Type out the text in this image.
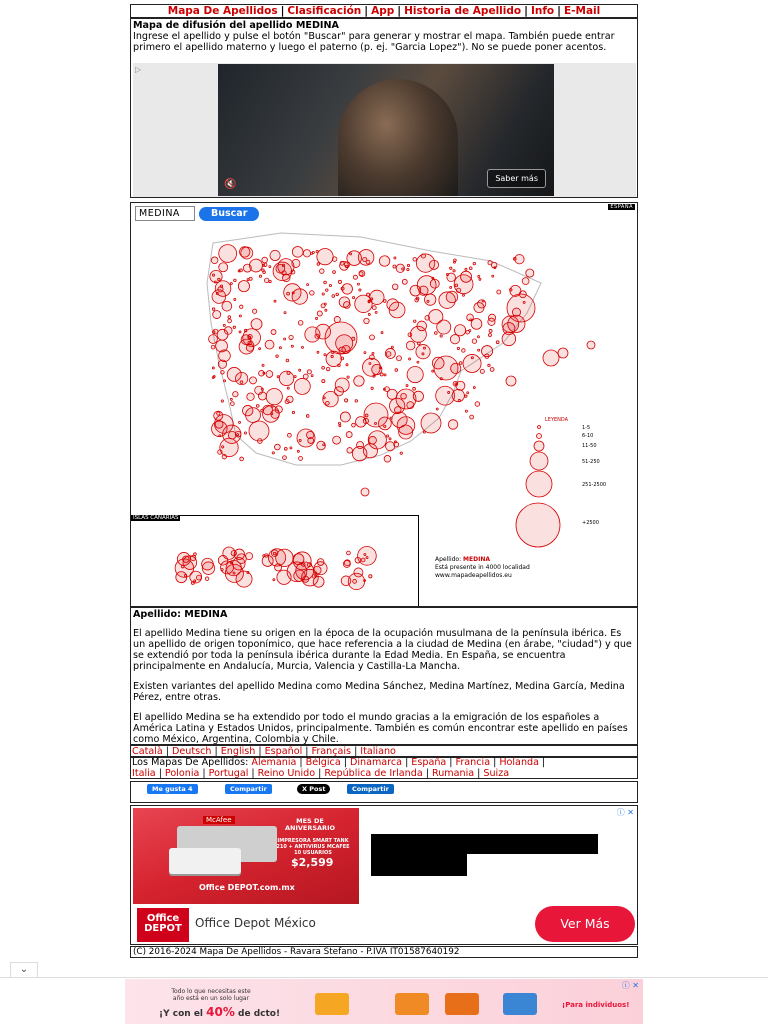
Mapa De Apellidos | Clasificación | App | Historia de Apellido | Info | E-Mail
Mapa de difusión del apellido MEDINA
Ingrese el apellido y pulse el botón "Buscar" para generar y mostrar el mapa. También puede entrar primero el apellido materno y luego el paterno (p. ej. "Garcia Lopez"). No se puede poner acentos.
▷
🔇
Saber más
MEDINA
Buscar
ESPAÑA
ISLAS CANARIAS
LEYENDA
1-5
6-10
11-50
51-250
251-2500
+2500
Apellido: MEDINA
Está presente in 4000 localidad
www.mapadeapellidos.eu

Apellido: MEDINA

El apellido Medina tiene su origen en la época de la ocupación musulmana de la península ibérica. Es un apellido de origen toponímico, que hace referencia a la ciudad de Medina (en árabe, "ciudad") y que se extendió por toda la península ibérica durante la Edad Media. En España, se encuentra principalmente en Andalucía, Murcia, Valencia y Castilla-La Mancha.

Existen variantes del apellido Medina como Medina Sánchez, Medina Martínez, Medina García, Medina Pérez, entre otras.

El apellido Medina se ha extendido por todo el mundo gracias a la emigración de los españoles a América Latina y Estados Unidos, principalmente. También es común encontrar este apellido en países como México, Argentina, Colombia y Chile.

Català | Deutsch | English | Español | Français | Italiano
Los Mapas De Apellidos: Alemania | Bélgica | Dinamarca | España | Francia | Holanda |
Italia | Polonia | Portugal | Reino Unido | República de Irlanda | Rumania | Suiza
Me gusta 4	Compartir	X Post	Compartir
McAfee	MES DE ANIVERSARIO
IMPRESORA SMART TANK 210 + ANTIVIRUS MCAFEE 10 USUARIOS
$2,599
Office DEPOT.com.mx
Office DEPOT	Office Depot México	Ver Más
ⓘ ✕
(C) 2016-2024 Mapa De Apellidos - Ravara Stefano - P.IVA IT01587640192
⌄
Todo lo que necesitas este año está en un solo lugar
¡Y con el 40% de dcto!
¡Para individuos!
ⓘ ✕
